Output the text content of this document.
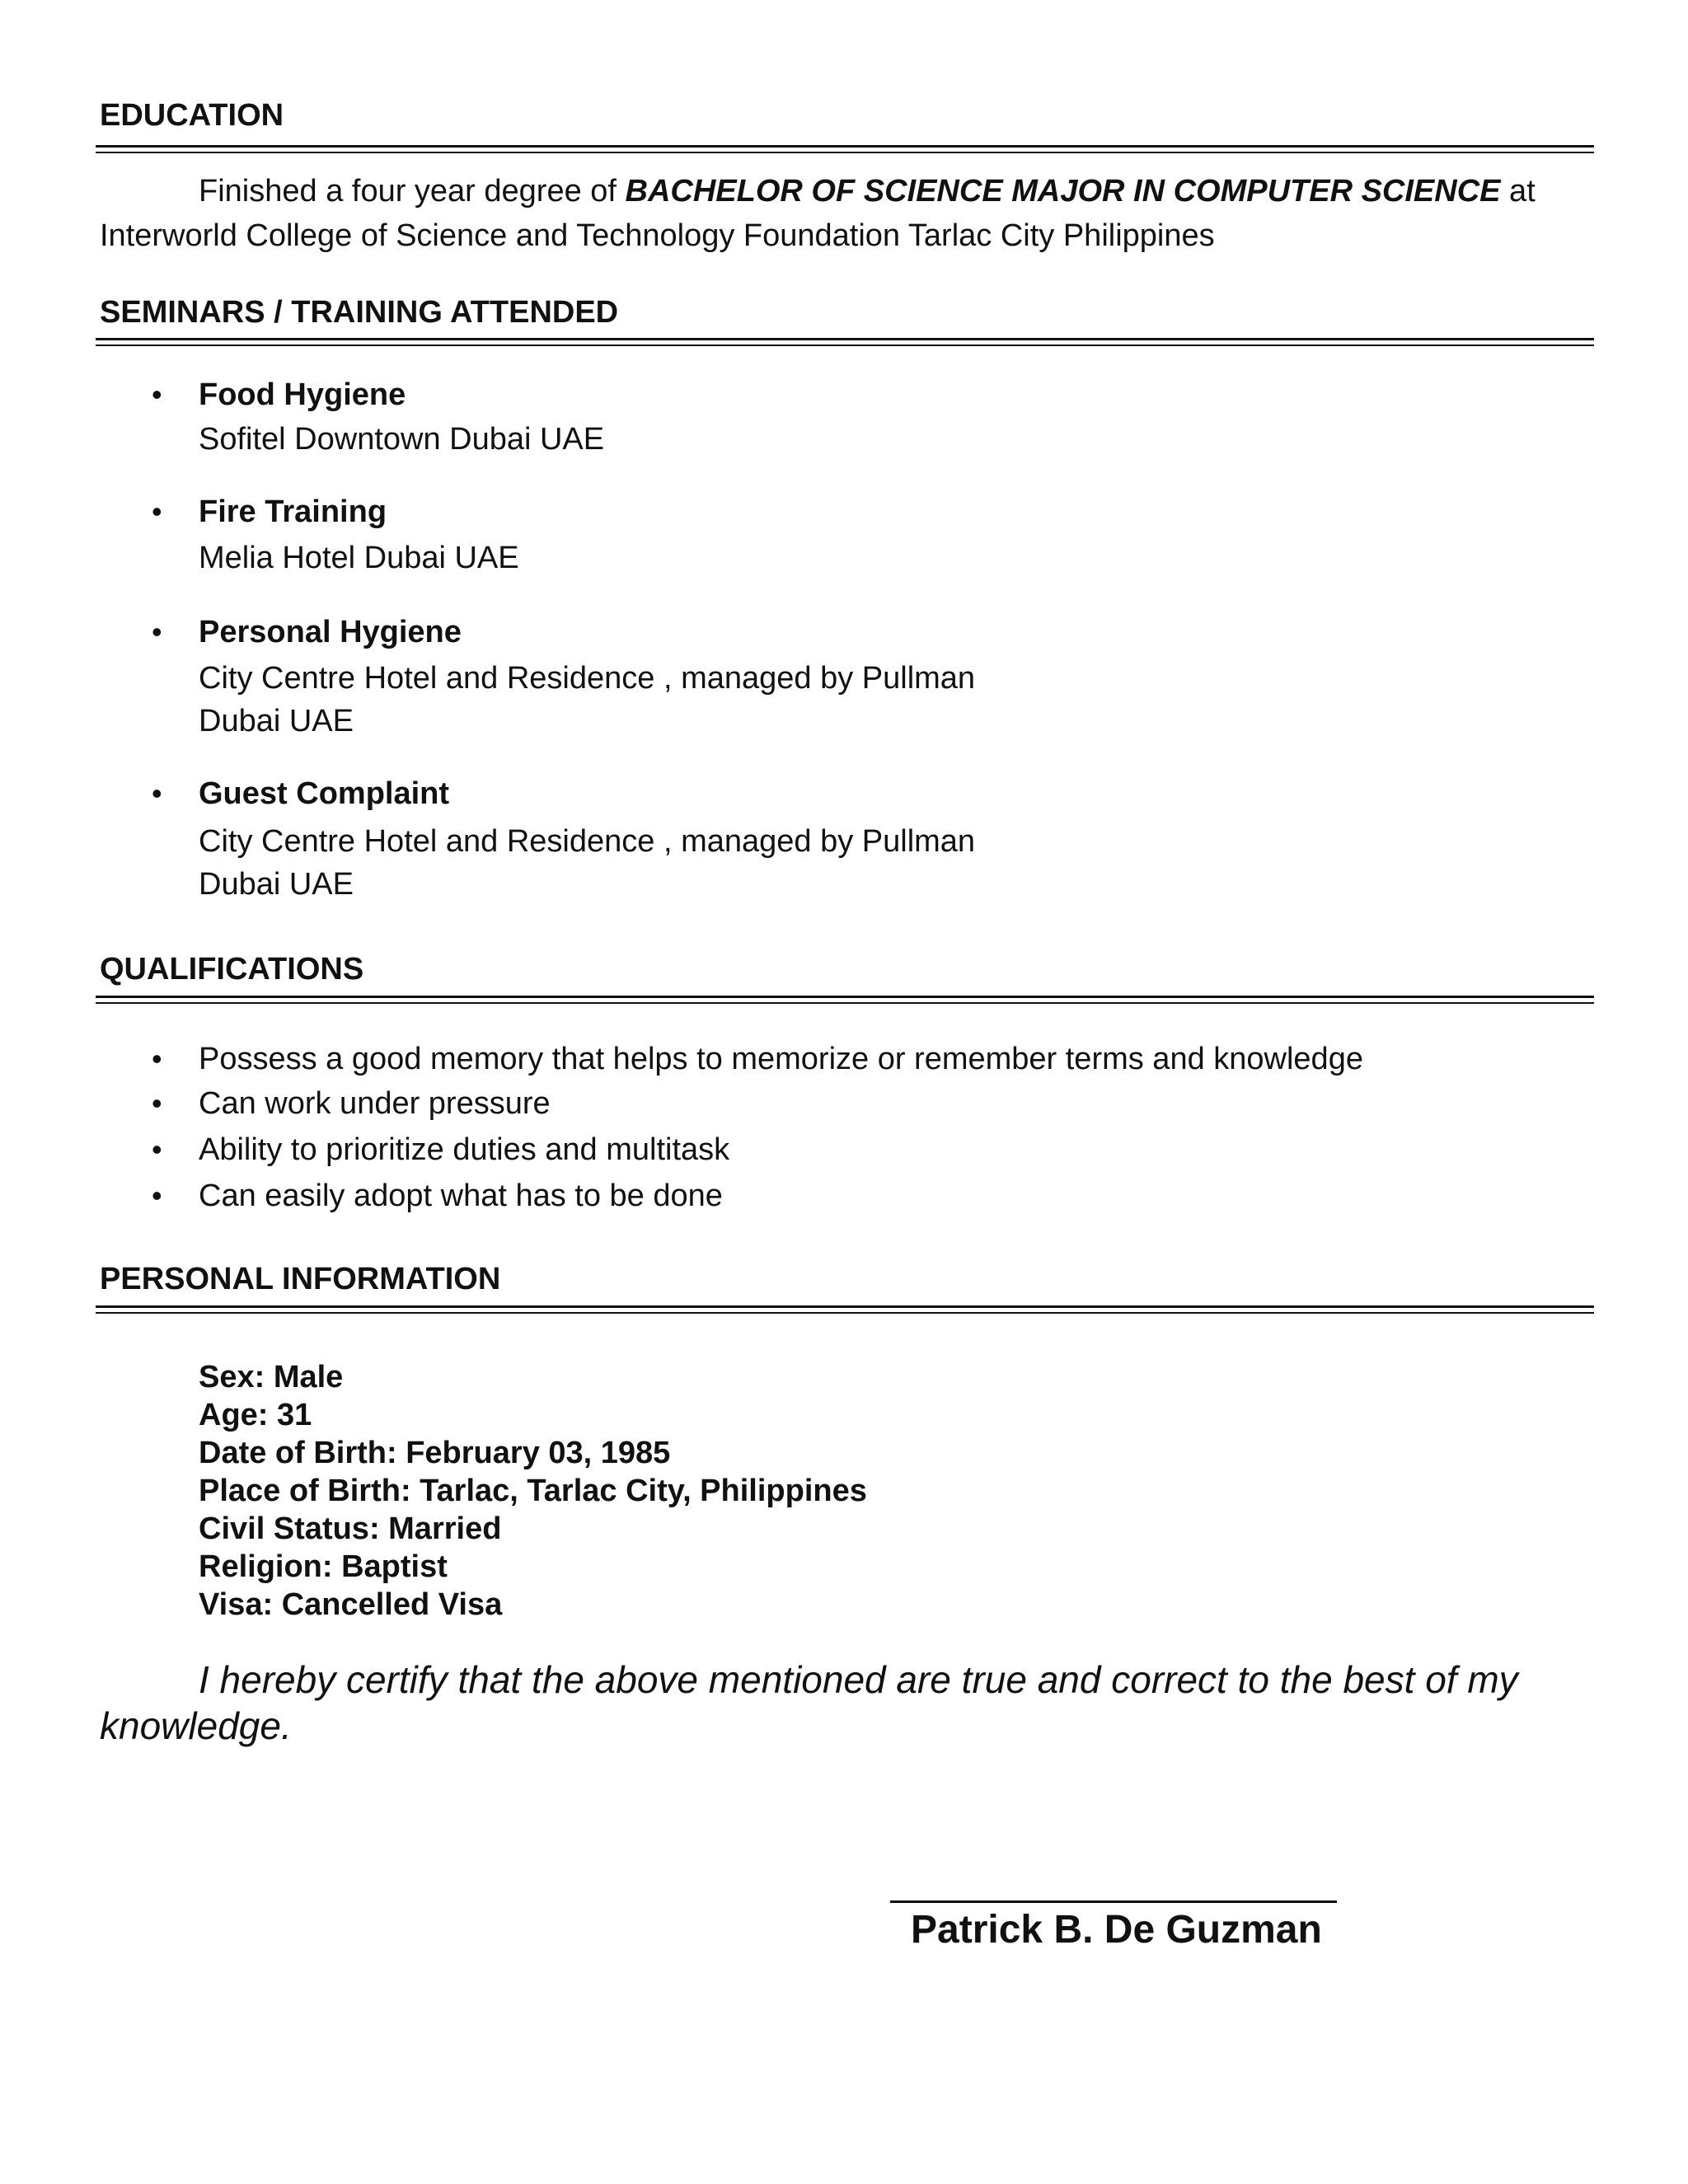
EDUCATION
Finished a four year degree of BACHELOR OF SCIENCE MAJOR IN COMPUTER SCIENCE at Interworld College of Science and Technology Foundation Tarlac City Philippines
SEMINARS / TRAINING ATTENDED
• Food Hygiene
Sofitel Downtown Dubai UAE
• Fire Training
Melia Hotel Dubai UAE
• Personal Hygiene
City Centre Hotel and Residence , managed by Pullman
Dubai UAE
• Guest Complaint
City Centre Hotel and Residence , managed by Pullman
Dubai UAE
QUALIFICATIONS
• Possess a good memory that helps to memorize or remember terms and knowledge
• Can work under pressure
• Ability to prioritize duties and multitask
• Can easily adopt what has to be done
PERSONAL INFORMATION
Sex: Male
Age: 31
Date of Birth: February 03, 1985
Place of Birth: Tarlac, Tarlac City, Philippines
Civil Status: Married
Religion: Baptist
Visa: Cancelled Visa
I hereby certify that the above mentioned are true and correct to the best of my knowledge.
Patrick B. De Guzman
